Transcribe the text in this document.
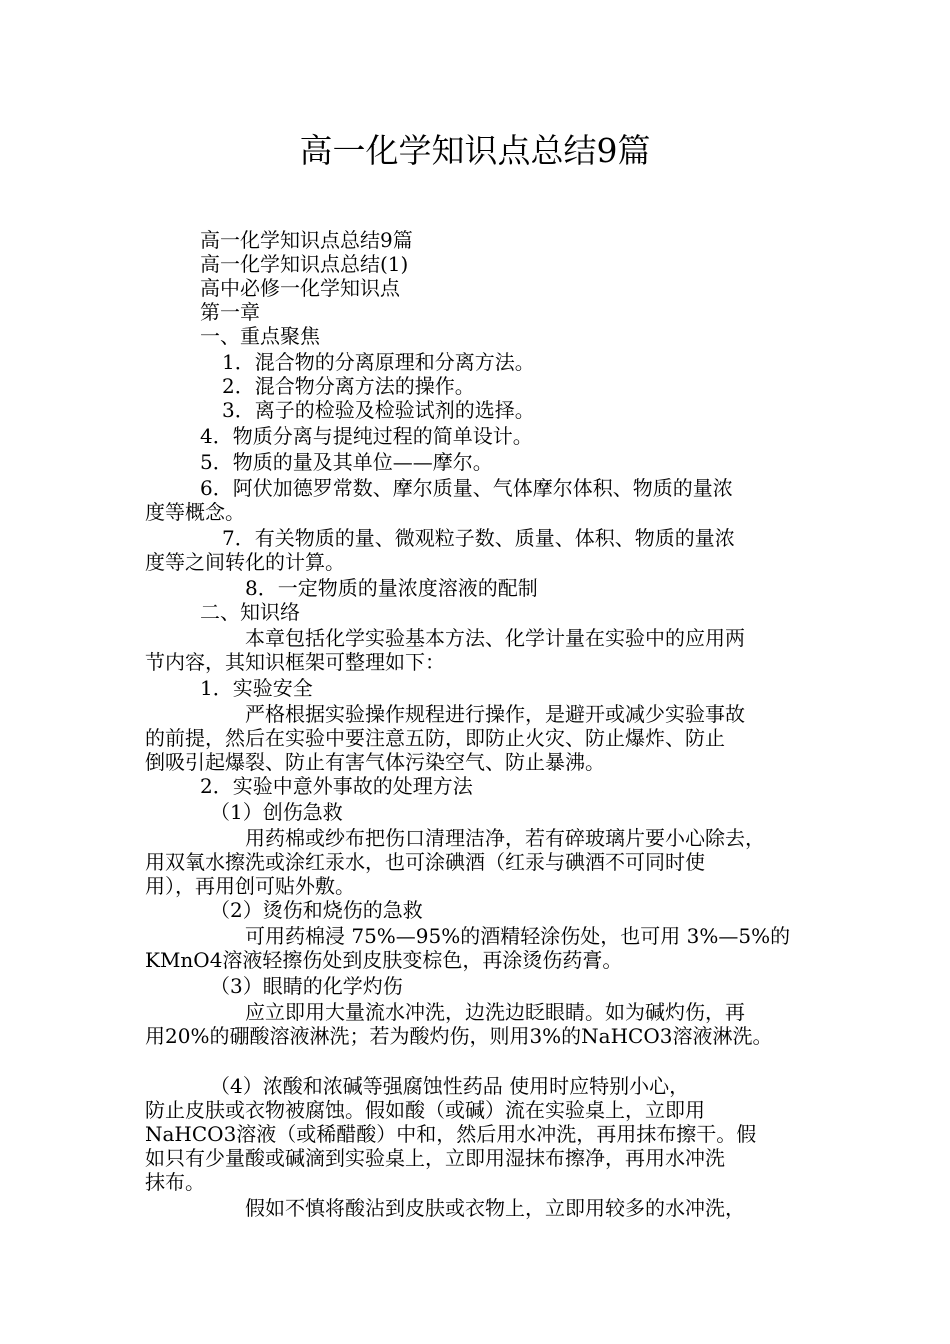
高一化学知识点总结9篇
高一化学知识点总结9篇
高一化学知识点总结(1)
高中必修一化学知识点
第一章
一、重点聚焦
1．混合物的分离原理和分离方法。
2．混合物分离方法的操作。
3．离子的检验及检验试剂的选择。
4．物质分离与提纯过程的简单设计。
5．物质的量及其单位——摩尔。
6．阿伏加德罗常数、摩尔质量、气体摩尔体积、物质的量浓
度等概念。
7．有关物质的量、微观粒子数、质量、体积、物质的量浓
度等之间转化的计算。
8．一定物质的量浓度溶液的配制
二、知识络
本章包括化学实验基本方法、化学计量在实验中的应用两
节内容，其知识框架可整理如下：
1．实验安全
严格根据实验操作规程进行操作，是避开或减少实验事故
的前提，然后在实验中要注意五防，即防止火灾、防止爆炸、防止
倒吸引起爆裂、防止有害气体污染空气、防止暴沸。
2．实验中意外事故的处理方法
（1）创伤急救
用药棉或纱布把伤口清理洁净，若有碎玻璃片要小心除去，
用双氧水擦洗或涂红汞水，也可涂碘酒（红汞与碘酒不可同时使
用），再用创可贴外敷。
（2）烫伤和烧伤的急救
可用药棉浸 75%—95%的酒精轻涂伤处，也可用 3%—5%的
KMnO4溶液轻擦伤处到皮肤变棕色，再涂烫伤药膏。
（3）眼睛的化学灼伤
应立即用大量流水冲洗，边洗边眨眼睛。如为碱灼伤，再
用20%的硼酸溶液淋洗；若为酸灼伤，则用3%的NaHCO3溶液淋洗。
（4）浓酸和浓碱等强腐蚀性药品 使用时应特别小心，
防止皮肤或衣物被腐蚀。假如酸（或碱）流在实验桌上，立即用
NaHCO3溶液（或稀醋酸）中和，然后用水冲洗，再用抹布擦干。假
如只有少量酸或碱滴到实验桌上，立即用湿抹布擦净，再用水冲洗
抹布。
假如不慎将酸沾到皮肤或衣物上，立即用较多的水冲洗，
